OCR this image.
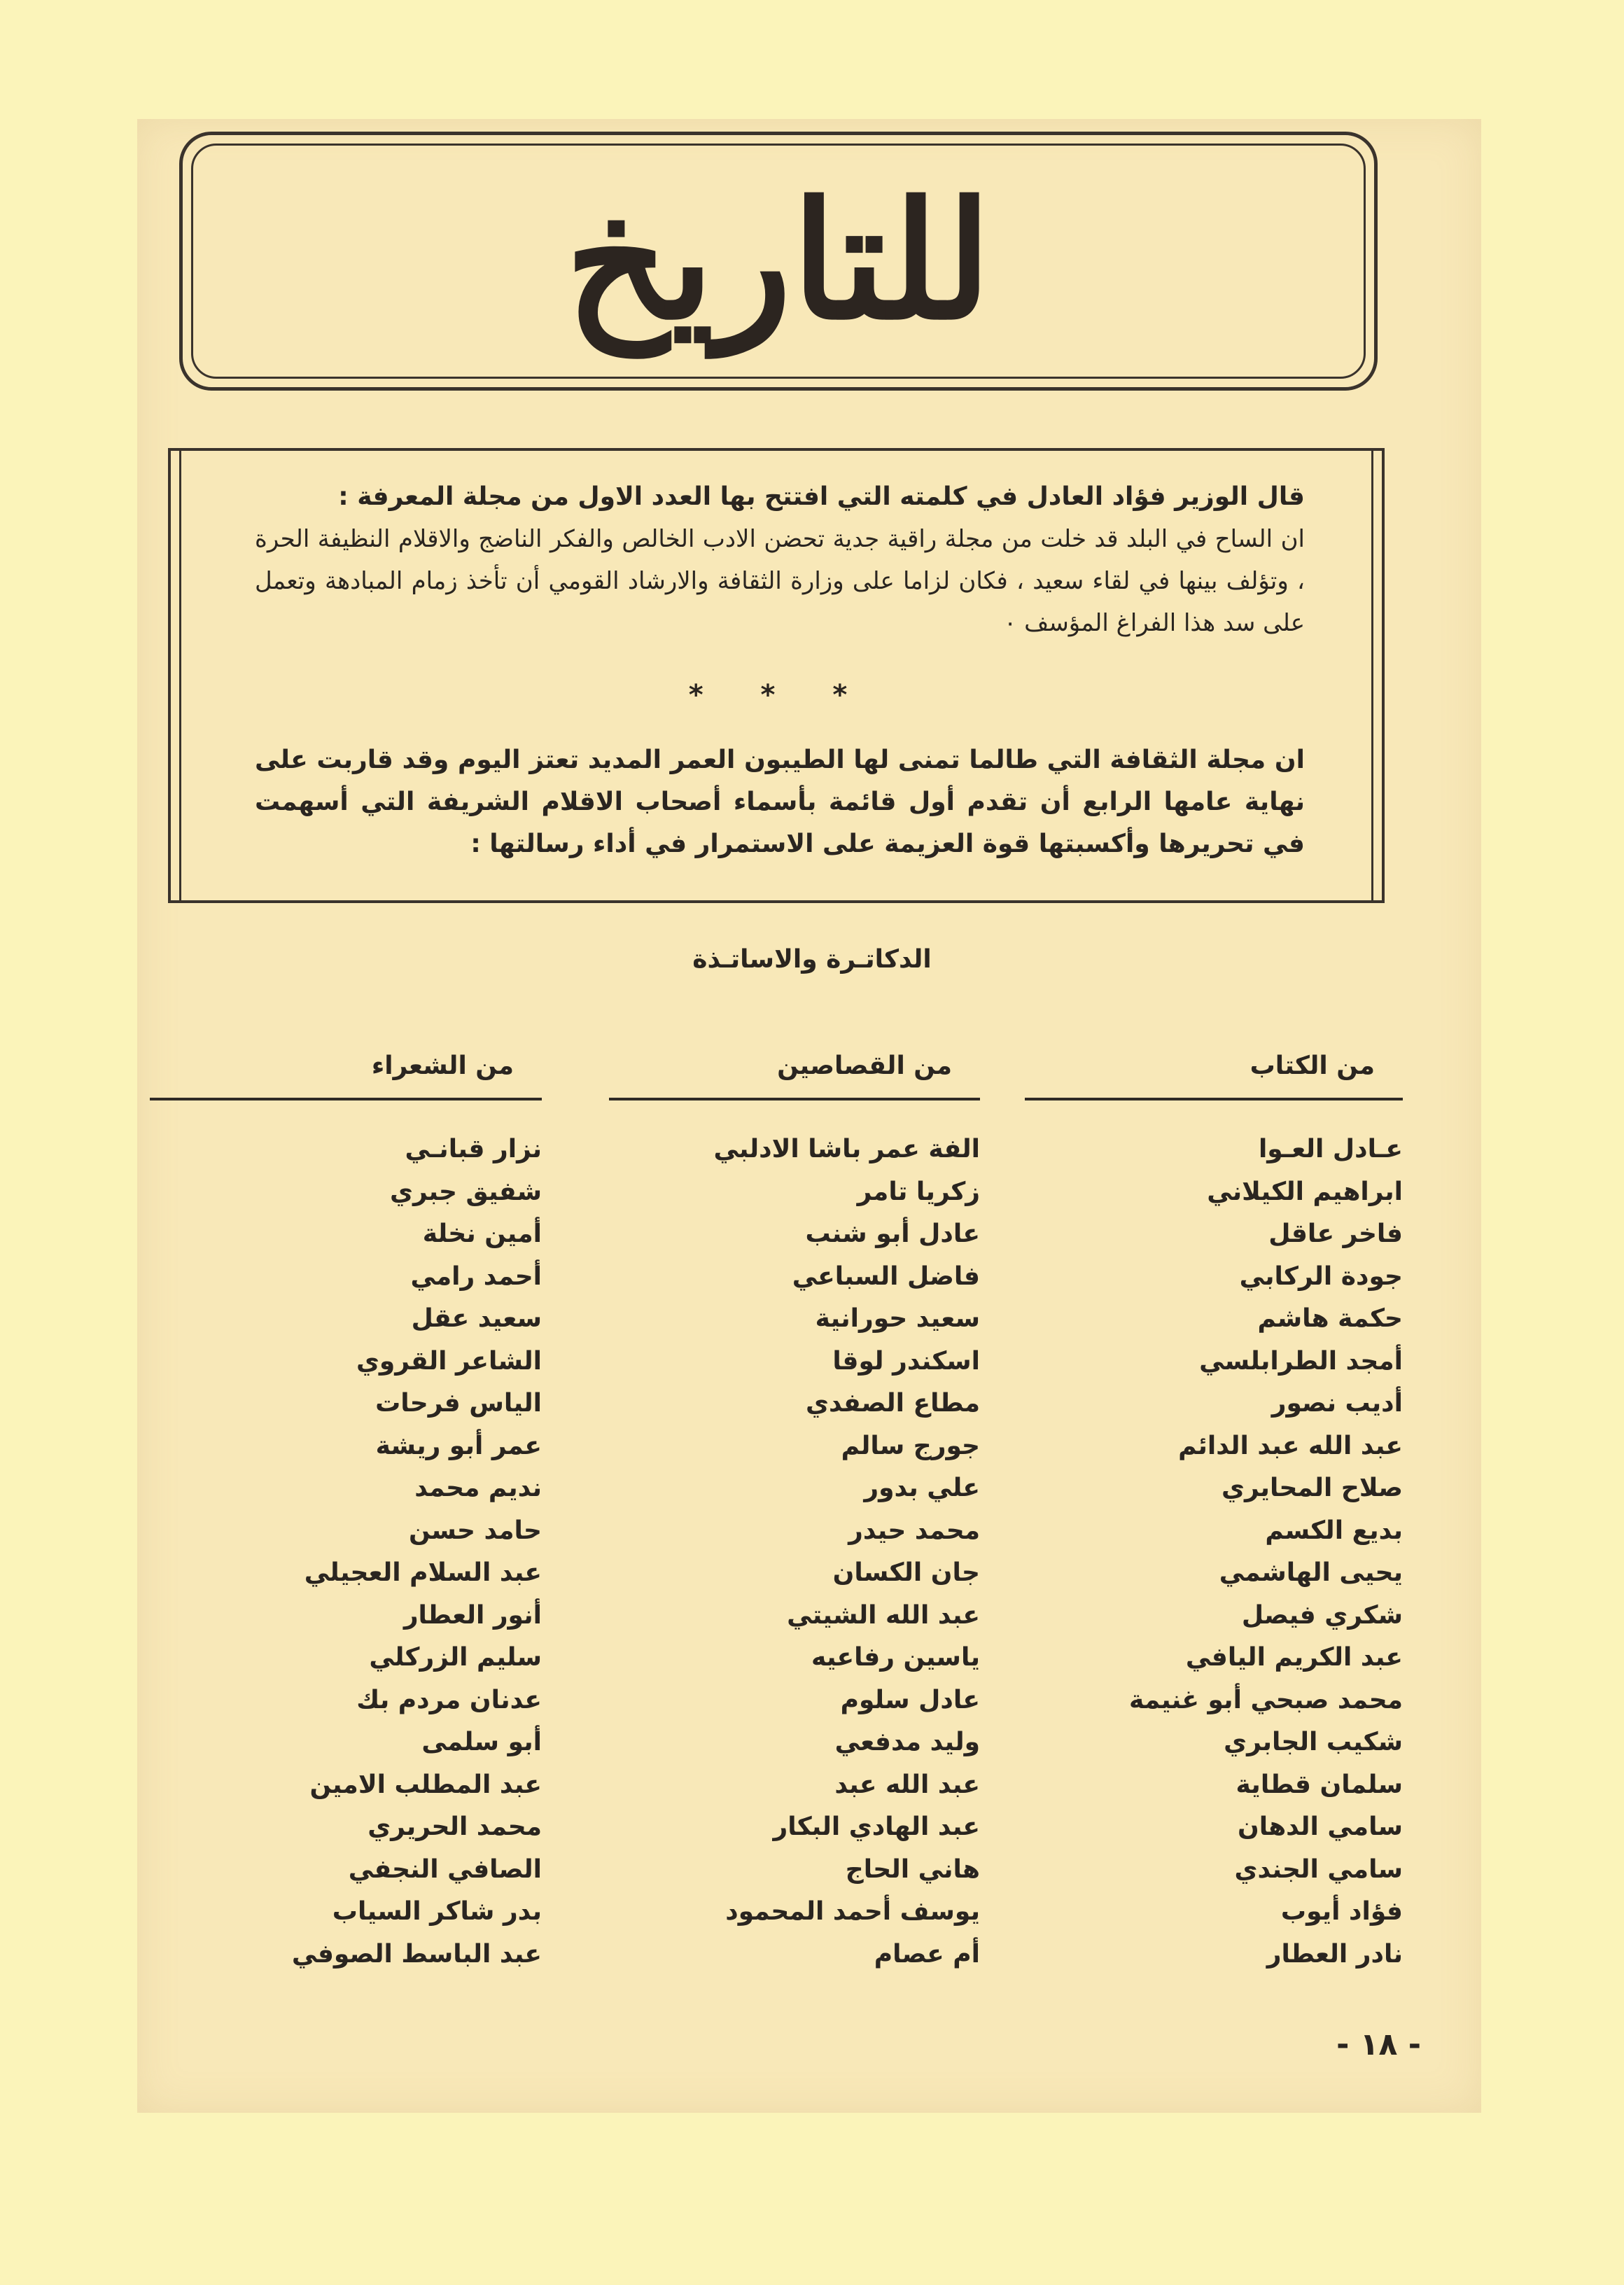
للتاريخ

قال الوزير فؤاد العادل في كلمته التي افتتح بها العدد الاول من مجلة المعرفة :

ان الساح في البلد قد خلت من مجلة راقية جدية تحضن الادب الخالص والفكر الناضج والاقلام النظيفة الحرة ، وتؤلف بينها في لقاء سعيد ، فكان لزاما على وزارة الثقافة والارشاد القومي أن تأخذ زمام المبادهة وتعمل على سد هذا الفراغ المؤسف ٠

* * *

ان مجلة الثقافة التي طالما تمنى لها الطيبون العمر المديد تعتز اليوم وقد قاربت على نهاية عامها الرابع أن تقدم أول قائمة بأسماء أصحاب الاقلام الشريفة التي أسهمت في تحريرها وأكسبتها قوة العزيمة على الاستمرار في أداء رسالتها :

الدكاتـرة والاساتـذة
من الكتاب
عـادل العـوا
ابراهيم الكيلاني
فاخر عاقل
جودة الركابي
حكمة هاشم
أمجد الطرابلسي
أديب نصور
عبد الله عبد الدائم
صلاح المحايري
بديع الكسم
يحيى الهاشمي
شكري فيصل
عبد الكريم اليافي
محمد صبحي أبو غنيمة
شكيب الجابري
سلمان قطاية
سامي الدهان
سامي الجندي
فؤاد أيوب
نادر العطار
من القصاصين
الفة عمر باشا الادلبي
زكريا تامر
عادل أبو شنب
فاضل السباعي
سعيد حورانية
اسكندر لوقا
مطاع الصفدي
جورج سالم
علي بدور
محمد حيدر
جان الكسان
عبد الله الشيتي
ياسين رفاعيه
عادل سلوم
وليد مدفعي
عبد الله عبد
عبد الهادي البكار
هاني الحاج
يوسف أحمد المحمود
أم عصام
من الشعراء
نزار قبانـي
شفيق جبري
أمين نخلة
أحمد رامي
سعيد عقل
الشاعر القروي
الياس فرحات
عمر أبو ريشة
نديم محمد
حامد حسن
عبد السلام العجيلي
أنور العطار
سليم الزركلي
عدنان مردم بك
أبو سلمى
عبد المطلب الامين
محمد الحريري
الصافي النجفي
بدر شاكر السياب
عبد الباسط الصوفي

- ١٨ -
